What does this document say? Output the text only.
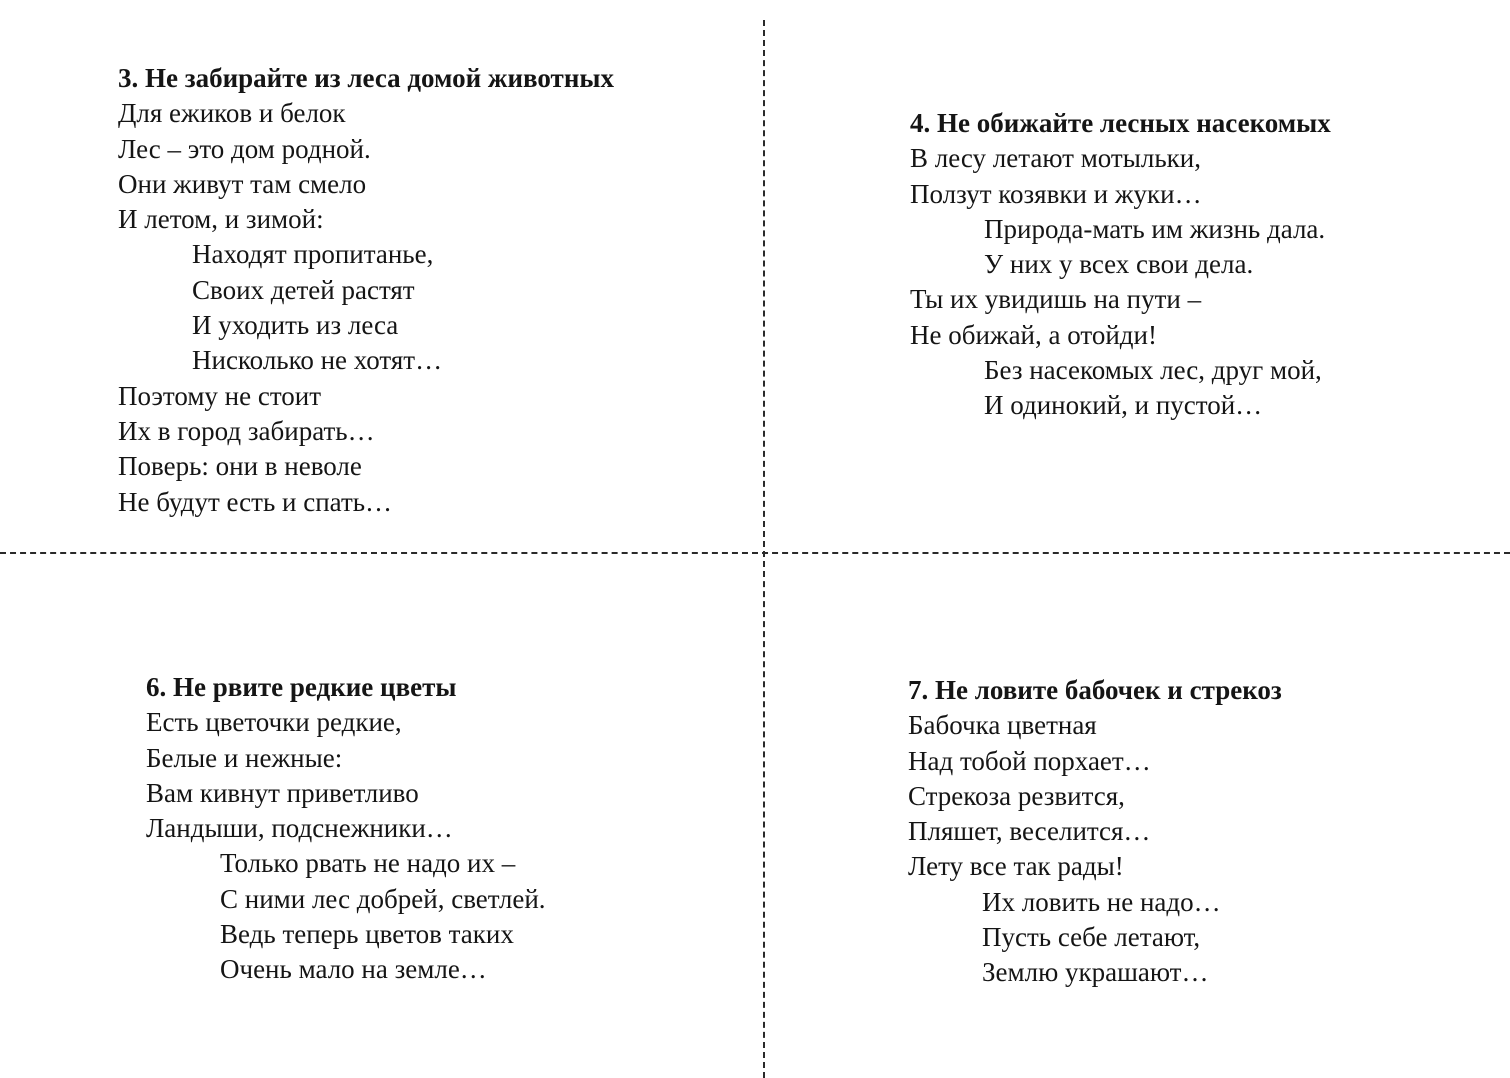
3. Не забирайте из леса домой животных
Для ежиков и белок
Лес – это дом родной.
Они живут там смело
И летом, и зимой:
Находят пропитанье,
Своих детей растят
И уходить из леса
Нисколько не хотят…
Поэтому не стоит
Их в город забирать…
Поверь: они в неволе
Не будут есть и спать…
4. Не обижайте лесных насекомых
В лесу летают мотыльки,
Ползут козявки и жуки…
Природа-мать им жизнь дала.
У них у всех свои дела.
Ты их увидишь на пути –
Не обижай, а отойди!
Без насекомых лес, друг мой,
И одинокий, и пустой…
6. Не рвите редкие цветы
Есть цветочки редкие,
Белые и нежные:
Вам кивнут приветливо
Ландыши, подснежники…
Только рвать не надо их –
С ними лес добрей, светлей.
Ведь теперь цветов таких
Очень мало на земле…
7. Не ловите бабочек и стрекоз
Бабочка цветная
Над тобой порхает…
Стрекоза резвится,
Пляшет, веселится…
Лету все так рады!
Их ловить не надо…
Пусть себе летают,
Землю украшают…
